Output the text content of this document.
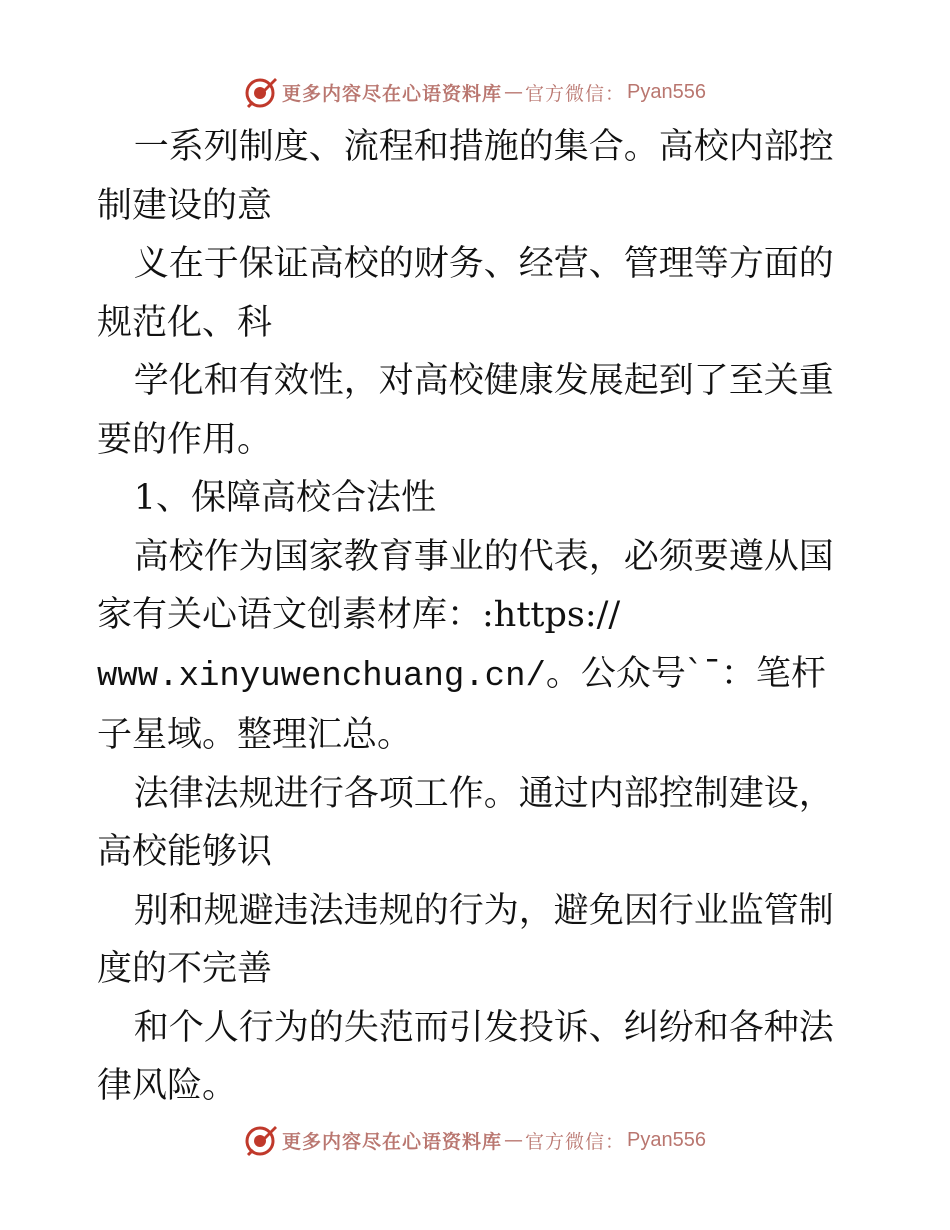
更多内容尽在心语资料库 — 官方微信： Pyan556

一系列制度、流程和措施的集合。高校内部控制建设的意

义在于保证高校的财务、经营、管理等方面的规范化、科

学化和有效性，对高校健康发展起到了至关重要的作用。

1、保障高校合法性

高校作为国家教育事业的代表，必须要遵从国家有关心语文创素材库：:https://

www.xinyuwenchuang.cn/。公众号`¯：笔杆子星域。整理汇总。

法律法规进行各项工作。通过内部控制建设，高校能够识

别和规避违法违规的行为，避免因行业监管制度的不完善

和个人行为的失范而引发投诉、纠纷和各种法律风险。

更多内容尽在心语资料库 — 官方微信： Pyan556
